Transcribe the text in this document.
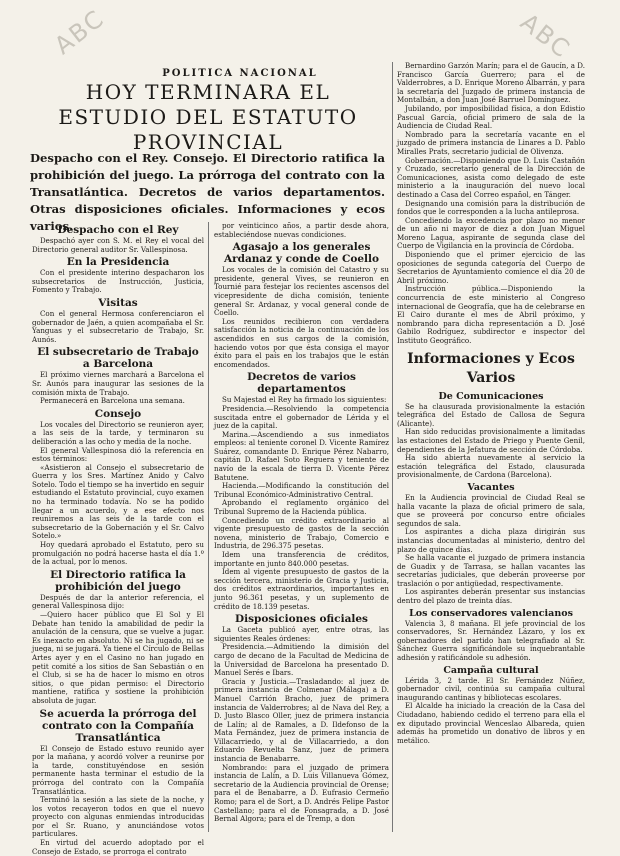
ABC	ABC
POLITICA NACIONAL
HOY TERMINARA EL ESTUDIO DEL ESTATUTO PROVINCIAL
Despacho con el Rey. Consejo. El Directorio ratifica la prohibición del juego. La prórroga del contrato con la Transatlántica. Decretos de varios departamentos. Otras disposiciones oficiales. Informaciones y ecos varios.
Despacho con el Rey

Despachó ayer con S. M. el Rey el vocal del Directorio general auditor Sr. Vallespinosa.

En la Presidencia

Con el presidente interino despacharon los subsecretarios de Instrucción, Justicia, Fomento y Trabajo.

Visitas

Con el general Hermosa conferenciaron el gobernador de Jaén, a quien acompañaba el Sr. Yanguas y el subsecretario de Trabajo, Sr. Aunós.

El subsecretario de Trabajo a Barcelona

El próximo viernes marchará a Barcelona el Sr. Aunós para inaugurar las sesiones de la comisión mixta de Trabajo.

Permanecerá en Barcelona una semana.

Consejo

Los vocales del Directorio se reunieron ayer, a las seis de la tarde, y terminaron su deliberación a las ocho y media de la noche.

El general Vallespinosa dió la referencia en estos términos:

«Asistieron al Consejo el subsecretario de Guerra y los Sres. Martínez Anido y Calvo Sotelo. Todo el tiempo se ha invertido en seguir estudiando el Estatuto provincial, cuyo examen no ha terminado todavía. No se ha podido llegar a un acuerdo, y a ese efecto nos reuniremos a las seis de la tarde con el subsecretario de la Gobernación y el Sr. Calvo Sotelo.»

Hoy quedará aprobado el Estatuto, pero su promulgación no podrá hacerse hasta el día 1.º de la actual, por lo menos.

El Directorio ratifica la prohibición del juego

Después de dar la anterior referencia, el general Vallespinosa dijo:

—Quiero hacer público que El Sol y El Debate han tenido la amabilidad de pedir la anulación de la censura, que se vuelve a jugar. Es inexacto en absoluto. Ni se ha jugado, ni se juega, ni se jugará. Ya tiene el Círculo de Bellas Artes ayer y en el Casino no han jugado en petit comité a los sitios de San Sebastián o en el Club, si se ha de hacer lo mismo en otros sitios, o que pidan permiso: el Directorio mantiene, ratifica y sostiene la prohibición absoluta de jugar.

Se acuerda la prórroga del contrato con la Compañía Transatlántica

El Consejo de Estado estuvo reunido ayer por la mañana, y acordó volver a reunirse por la tarde, constituyéndose en sesión permanente hasta terminar el estudio de la prórroga del contrato con la Compañía Transatlántica.

Terminó la sesión a las siete de la noche, y los votos recayeron todos en que el nuevo proyecto con algunas enmiendas introducidas por el Sr. Ruano, y anunciándose votos particulares.

En virtud del acuerdo adoptado por el Consejo de Estado, se prorroga el contrato

por veinticinco años, a partir desde ahora, estableciéndose nuevas condiciones.

Agasajo a los generales Ardanaz y conde de Coello

Los vocales de la comisión del Catastro y su presidente, general Vives, se reunieron en Tournié para festejar los recientes ascensos del vicepresidente de dicha comisión, teniente general Sr. Ardanaz, y vocal general conde de Coello.

Los reunidos recibieron con verdadera satisfacción la noticia de la continuación de los ascendidos en sus cargos de la comisión, haciendo votos por que ésta consiga el mayor éxito para el país en los trabajos que le están encomendados.

Decretos de varios departamentos

Su Majestad el Rey ha firmado los siguientes:

Presidencia.—Resolviendo la competencia suscitada entre el gobernador de Lérida y el juez de la capital.

Marina.—Ascendiendo a sus inmediatos empleos: al teniente coronel D. Vicente Ramírez Suárez, comandante D. Enrique Pérez Nabarro, capitán D. Rafael Soto Reguera y teniente de navío de la escala de tierra D. Vicente Pérez Batutene.

Hacienda.—Modificando la constitución del Tribunal Económico-Administrativo Central.

Aprobando el reglamento orgánico del Tribunal Supremo de la Hacienda pública.

Concediendo un crédito extraordinario al vigente presupuesto de gastos de la sección novena, ministerio de Trabajo, Comercio e Industria, de 296.375 pesetas.

Idem una transferencia de créditos, importante en junto 840.000 pesetas.

Idem al vigente presupuesto de gastos de la sección tercera, ministerio de Gracia y Justicia, dos créditos extraordinarios, importantes en junto 96.361 pesetas, y un suplemento de crédito de 18.139 pesetas.

Disposiciones oficiales

La Gaceta publicó ayer, entre otras, las siguientes Reales órdenes:

Presidencia.—Admitiendo la dimisión del cargo de decano de la Facultad de Medicina de la Universidad de Barcelona ha presentado D. Manuel Serés e Ibars.

Gracia y Justicia.—Trasladando: al juez de primera instancia de Colmenar (Málaga) a D. Manuel Carrión Bracho, juez de primera instancia de Valderrobres; al de Nava del Rey, a D. Justo Blasco Oller, juez de primera instancia de Lalín; al de Ramales, a D. Ildefonso de la Mata Fernández, juez de primera instancia de Villacarriedo, y al de Villacarriedo, a don Eduardo Revuelta Sanz, juez de primera instancia de Benabarre.

Nombrando: para el juzgado de primera instancia de Lalín, a D. Luis Villanueva Gómez, secretario de la Audiencia provincial de Orense; para el de Benabarre, a D. Eufrasio Cermeño Romo; para el de Sort, a D. Andrés Felipe Pastor Castellano; para el de Fonsagrada, a D. José Bernal Algora; para el de Tremp, a don

Bernardino Garzón Marín; para el de Gaucín, a D. Francisco García Guerrero; para el de Valderrobres, a D. Enrique Moreno Albarrán, y para la secretaría del Juzgado de primera instancia de Montalbán, a don Juan José Barruel Domínguez.

Jubilando, por imposibilidad física, a don Edistio Pascual García, oficial primero de sala de la Audiencia de Ciudad Real.

Nombrado para la secretaría vacante en el juzgado de primera instancia de Linares a D. Pablo Miralles Prats, secretario judicial de Olivenza.

Gobernación.—Disponiendo que D. Luis Castañón y Cruzado, secretario general de la Dirección de Comunicaciones, asista como delegado de este ministerio a la inauguración del nuevo local destinado a Casa del Correo español, en Tánger.

Designando una comisión para la distribución de fondos que le corresponden a la lucha antileprosa.

Concediendo la excedencia por plazo no menor de un año ni mayor de diez a don Juan Miguel Moreno Lagua, aspirante de segunda clase del Cuerpo de Vigilancia en la provincia de Córdoba.

Disponiendo que el primer ejercicio de las oposiciones de segunda categoría del Cuerpo de Secretarios de Ayuntamiento comience el día 20 de Abril próximo.

Instrucción pública.—Disponiendo la concurrencia de este ministerio al Congreso internacional de Geografía, que ha de celebrarse en El Cairo durante el mes de Abril próximo, y nombrando para dicha representación a D. José Gabilo Rodríguez, subdirector e inspector del Instituto Geográfico.

Informaciones y Ecos Varios
De Comunicaciones

Se ha clausurada provisionalmente la estación telegráfica del Estado de Callosa de Segura (Alicante).

Han sido reducidas provisionalmente a limitadas las estaciones del Estado de Priego y Puente Genil, dependientes de la Jefatura de sección de Córdoba.

Ha sido abierta nuevamente al servicio la estación telegráfica del Estado, clausurada provisionalmente, de Cardona (Barcelona).

Vacantes

En la Audiencia provincial de Ciudad Real se halla vacante la plaza de oficial primero de sala, que se proveerá por concurso entre oficiales segundos de sala.

Los aspirantes a dicha plaza dirigirán sus instancias documentadas al ministerio, dentro del plazo de quince días.

Se halla vacante el juzgado de primera instancia de Guadix y de Tarrasa, se hallan vacantes las secretarías judiciales, que deberán proveerse por traslación o por antigüedad, respectivamente.

Los aspirantes deberán presentar sus instancias dentro del plazo de treinta días.

Los conservadores valencianos

Valencia 3, 8 mañana. El jefe provincial de los conservadores, Sr. Hernández Lázaro, y los ex gobernadores del partido han telegrafiado al Sr. Sánchez Guerra significándole su inquebrantable adhesión y ratificándole su adhesión.

Campaña cultural

Lérida 3, 2 tarde. El Sr. Fernández Núñez, gobernador civil, continúa su campaña cultural inaugurando cantinas y bibliotecas escolares.

El Alcalde ha iniciado la creación de la Casa del Ciudadano, habiendo cedido el terreno para ella el ex diputado provincial Wenceslao Albareda, quien además ha prometido un donativo de libros y en metálico.
